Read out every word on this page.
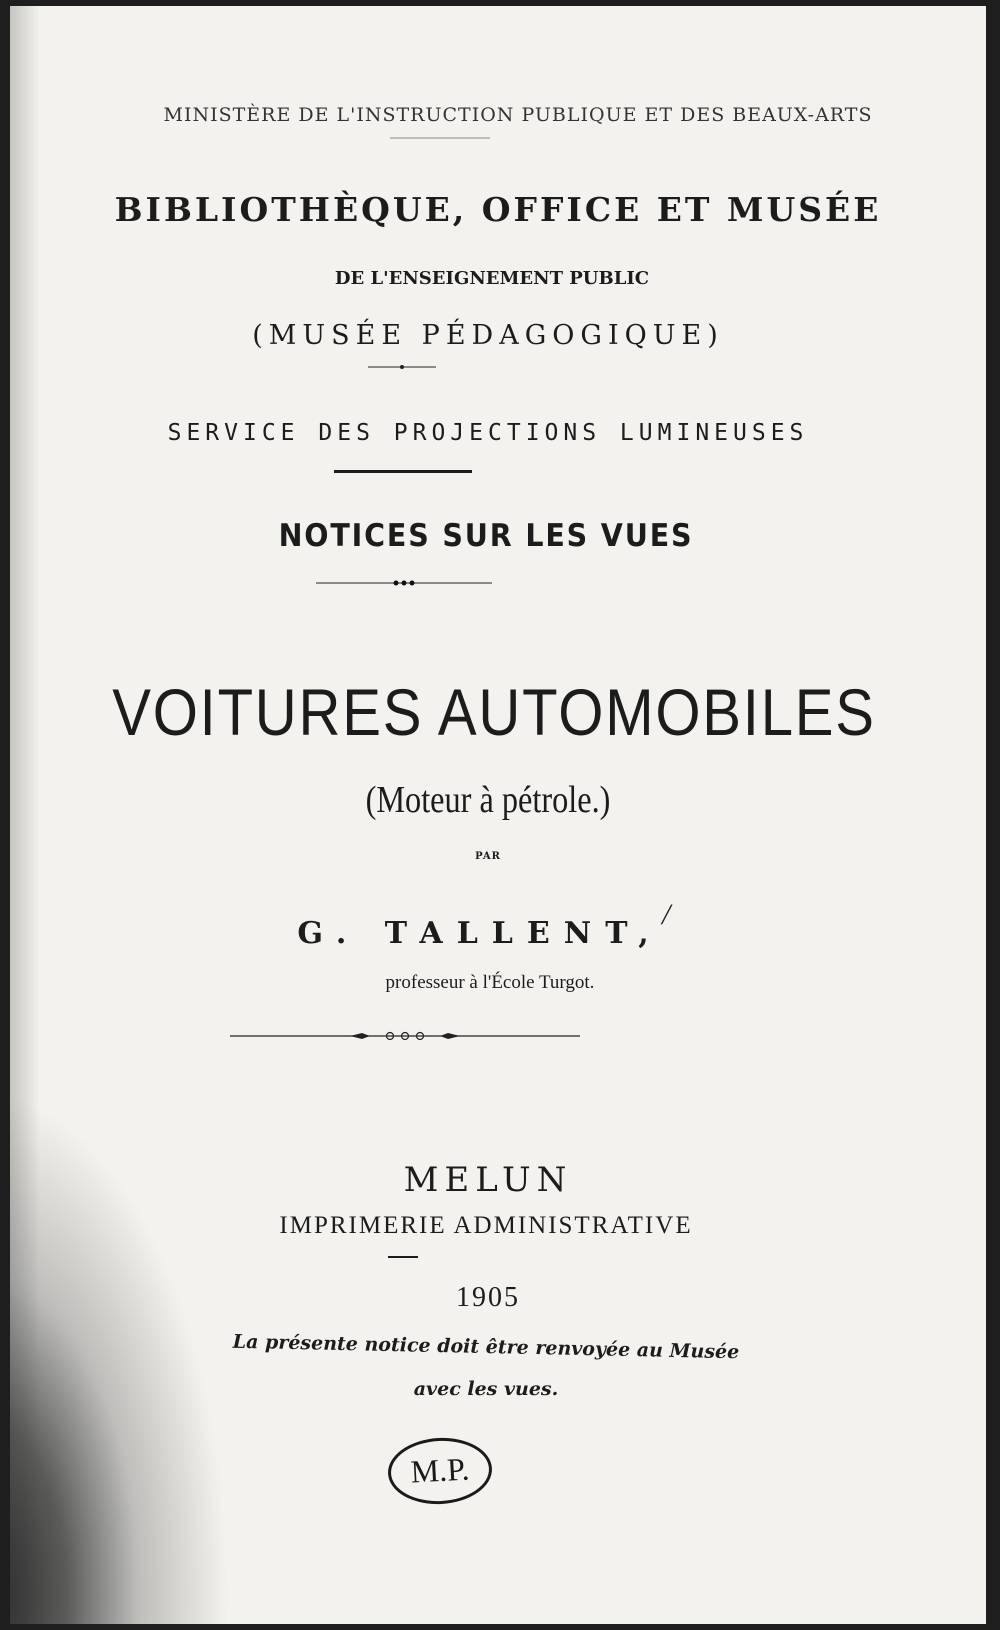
MINISTÈRE DE L'INSTRUCTION PUBLIQUE ET DES BEAUX-ARTS
BIBLIOTHÈQUE, OFFICE ET MUSÉE
DE L'ENSEIGNEMENT PUBLIC
(MUSÉE PÉDAGOGIQUE)
SERVICE DES PROJECTIONS LUMINEUSES
NOTICES SUR LES VUES
VOITURES AUTOMOBILES
(Moteur à pétrole.)
PAR
G. TALLENT,
/
professeur à l'École Turgot.
MELUN
IMPRIMERIE ADMINISTRATIVE
1905
La présente notice doit être renvoyée au Musée
avec les vues.
M.P.
